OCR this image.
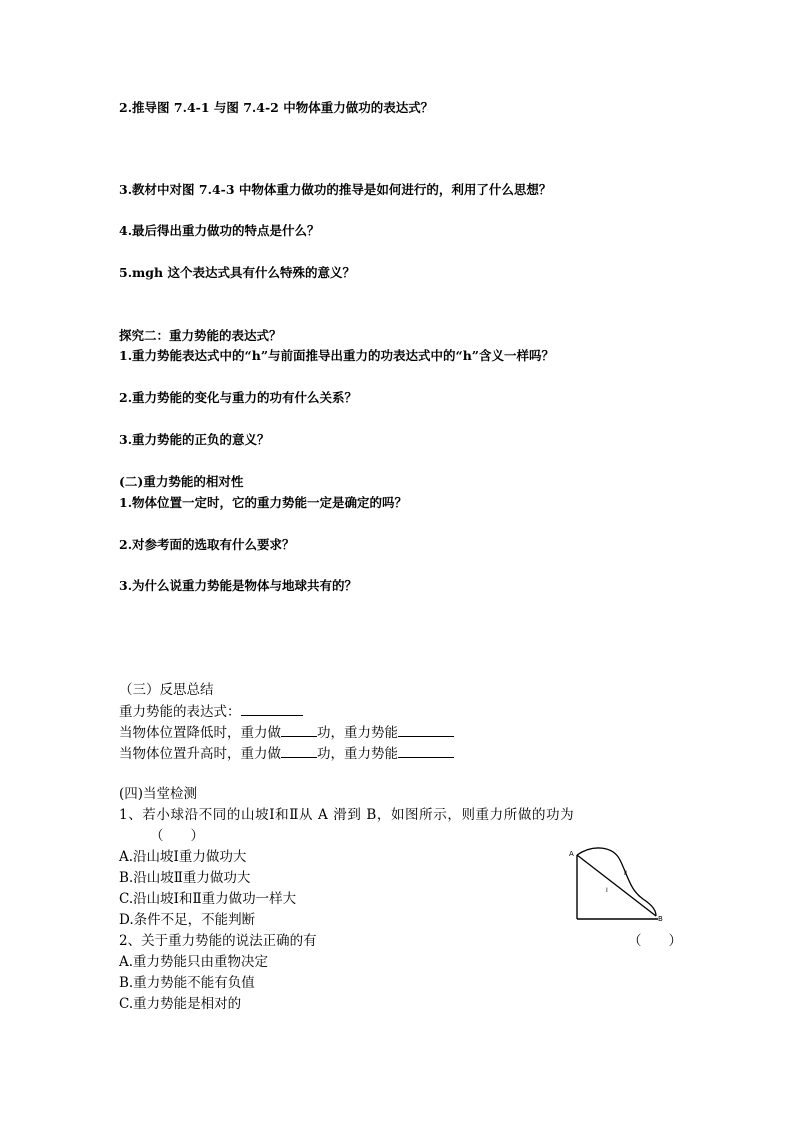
2.推导图 7.4-1 与图 7.4-2 中物体重力做功的表达式？
3.教材中对图 7.4-3 中物体重力做功的推导是如何进行的，利用了什么思想？
4.最后得出重力做功的特点是什么？
5.mgh 这个表达式具有什么特殊的意义？
探究二：重力势能的表达式？
1.重力势能表达式中的“h”与前面推导出重力的功表达式中的“h”含义一样吗？
2.重力势能的变化与重力的功有什么关系？
3.重力势能的正负的意义？
(二)重力势能的相对性
1.物体位置一定时，它的重力势能一定是确定的吗？
2.对参考面的选取有什么要求？
3.为什么说重力势能是物体与地球共有的？
（三）反思总结
重力势能的表达式：
当物体位置降低时，重力做	功，重力势能
当物体位置升高时，重力做	功，重力势能
(四)当堂检测
1、若小球沿不同的山坡Ⅰ和Ⅱ从 A 滑到 B，如图所示，则重力所做的功为
（　　）
A.沿山坡Ⅰ重力做功大
B.沿山坡Ⅱ重力做功大
C.沿山坡Ⅰ和Ⅱ重力做功一样大
D.条件不足，不能判断
2、关于重力势能的说法正确的有	（　　）
A.重力势能只由重物决定
B.重力势能不能有负值
C.重力势能是相对的
A
B
Ⅰ
Ⅱ
